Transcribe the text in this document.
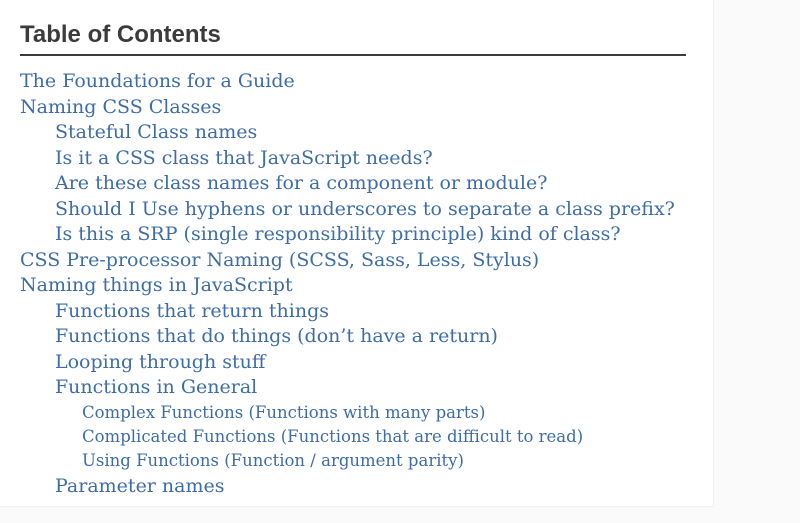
Table of Contents
The Foundations for a Guide
Naming CSS Classes
Stateful Class names
Is it a CSS class that JavaScript needs?
Are these class names for a component or module?
Should I Use hyphens or underscores to separate a class prefix?
Is this a SRP (single responsibility principle) kind of class?
CSS Pre-processor Naming (SCSS, Sass, Less, Stylus)
Naming things in JavaScript
Functions that return things
Functions that do things (don’t have a return)
Looping through stuff
Functions in General
Complex Functions (Functions with many parts)
Complicated Functions (Functions that are difficult to read)
Using Functions (Function / argument parity)
Parameter names
